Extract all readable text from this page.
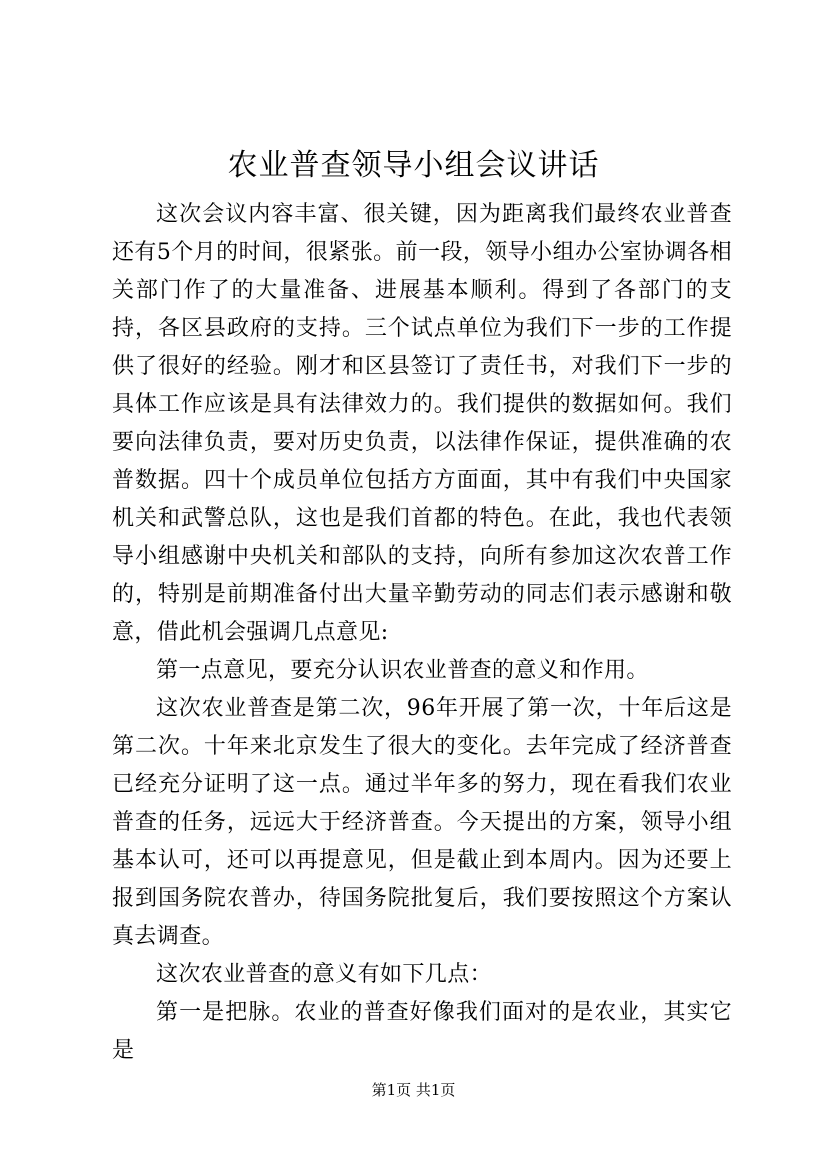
农业普查领导小组会议讲话

这次会议内容丰富、很关键，因为距离我们最终农业普查还有5个月的时间，很紧张。前一段，领导小组办公室协调各相关部门作了的大量准备、进展基本顺利。得到了各部门的支持，各区县政府的支持。三个试点单位为我们下一步的工作提供了很好的经验。刚才和区县签订了责任书，对我们下一步的具体工作应该是具有法律效力的。我们提供的数据如何。我们要向法律负责，要对历史负责，以法律作保证，提供准确的农普数据。四十个成员单位包括方方面面，其中有我们中央国家机关和武警总队，这也是我们首都的特色。在此，我也代表领导小组感谢中央机关和部队的支持，向所有参加这次农普工作的，特别是前期准备付出大量辛勤劳动的同志们表示感谢和敬意，借此机会强调几点意见:

第一点意见，要充分认识农业普查的意义和作用。

这次农业普查是第二次，96年开展了第一次，十年后这是第二次。十年来北京发生了很大的变化。去年完成了经济普查已经充分证明了这一点。通过半年多的努力，现在看我们农业普查的任务，远远大于经济普查。今天提出的方案，领导小组基本认可，还可以再提意见，但是截止到本周内。因为还要上报到国务院农普办，待国务院批复后，我们要按照这个方案认真去调查。

这次农业普查的意义有如下几点：

第一是把脉。农业的普查好像我们面对的是农业，其实它是

第1页 共1页
